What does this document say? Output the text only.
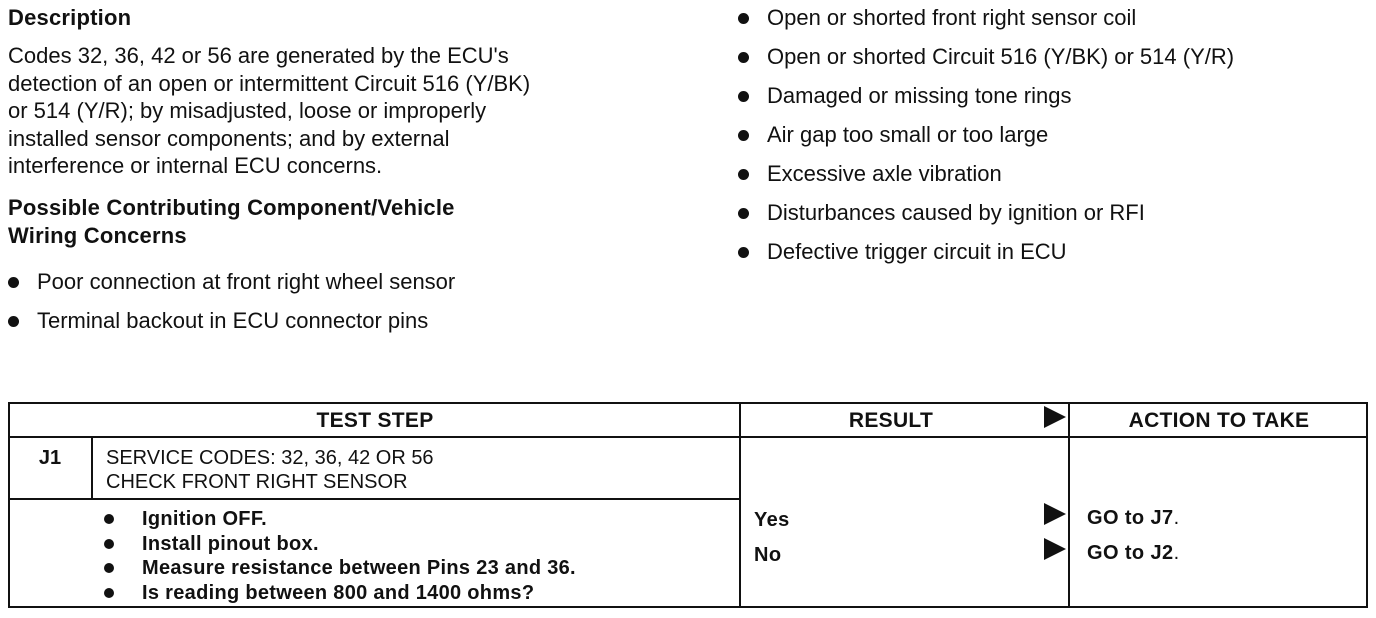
Description

Codes 32, 36, 42 or 56 are generated by the ECU's
detection of an open or intermittent Circuit 516 (Y/BK)
or 514 (Y/R); by misadjusted, loose or improperly
installed sensor components; and by external
interference or internal ECU concerns.

Possible Contributing Component/Vehicle
Wiring Concerns
Poor connection at front right wheel sensor
Terminal backout in ECU connector pins
Open or shorted front right sensor coil
Open or shorted Circuit 516 (Y/BK) or 514 (Y/R)
Damaged or missing tone rings
Air gap too small or too large
Excessive axle vibration
Disturbances caused by ignition or RFI
Defective trigger circuit in ECU
TEST STEP	RESULT	ACTION TO TAKE
J1	SERVICE CODES: 32, 36, 42 OR 56
CHECK FRONT RIGHT SENSOR
Ignition OFF.
Install pinout box.
Measure resistance between Pins 23 and 36.
Is reading between 800 and 1400 ohms?
Yes	GO to J7.
No	GO to J2.
